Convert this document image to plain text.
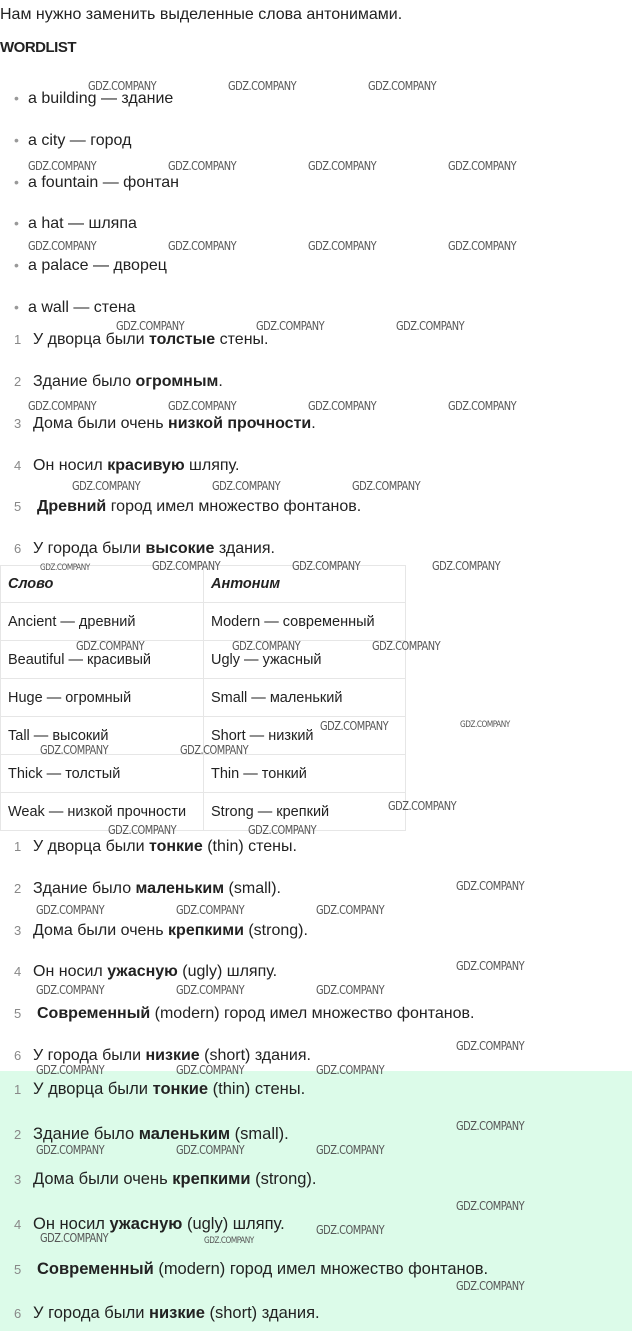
Нам нужно заменить выделенные слова антонимами.
WORDLIST
• a building — здание
• a city — город
• a fountain — фонтан
• a hat — шляпа
• a palace — дворец
• a wall — стена
1 У дворца были толстые стены.
2 Здание было огромным.
3 Дома были очень низкой прочности.
4 Он носил красивую шляпу.
5 Древний город имел множество фонтанов.
6 У города были высокие здания.
Слово	Антоним
Ancient — древний	Modern — современный
Beautiful — красивый	Ugly — ужасный
Huge — огромный	Small — маленький
Tall — высокий	Short — низкий
Thick — толстый	Thin — тонкий
Weak — низкой прочности	Strong — крепкий
1 У дворца были тонкие (thin) стены.
2 Здание было маленьким (small).
3 Дома были очень крепкими (strong).
4 Он носил ужасную (ugly) шляпу.
5 Современный (modern) город имел множество фонтанов.
6 У города были низкие (short) здания.
1 У дворца были тонкие (thin) стены.
2 Здание было маленьким (small).
3 Дома были очень крепкими (strong).
4 Он носил ужасную (ugly) шляпу.
5 Современный (modern) город имел множество фонтанов.
6 У города были низкие (short) здания.
GDZ.COMPANY	GDZ.COMPANY	GDZ.COMPANY
GDZ.COMPANY	GDZ.COMPANY	GDZ.COMPANY	GDZ.COMPANY
GDZ.COMPANY	GDZ.COMPANY	GDZ.COMPANY	GDZ.COMPANY
GDZ.COMPANY	GDZ.COMPANY	GDZ.COMPANY
GDZ.COMPANY	GDZ.COMPANY	GDZ.COMPANY	GDZ.COMPANY
GDZ.COMPANY	GDZ.COMPANY	GDZ.COMPANY
GDZ.COMPANY	GDZ.COMPANY	GDZ.COMPANY	GDZ.COMPANY
GDZ.COMPANY	GDZ.COMPANY	GDZ.COMPANY
GDZ.COMPANY	GDZ.COMPANY
GDZ.COMPANY	GDZ.COMPANY
GDZ.COMPANY
GDZ.COMPANY	GDZ.COMPANY
GDZ.COMPANY
GDZ.COMPANY	GDZ.COMPANY	GDZ.COMPANY
GDZ.COMPANY
GDZ.COMPANY	GDZ.COMPANY	GDZ.COMPANY
GDZ.COMPANY
GDZ.COMPANY	GDZ.COMPANY	GDZ.COMPANY
GDZ.COMPANY
GDZ.COMPANY	GDZ.COMPANY	GDZ.COMPANY
GDZ.COMPANY
GDZ.COMPANY
GDZ.COMPANY	GDZ.COMPANY
GDZ.COMPANY
